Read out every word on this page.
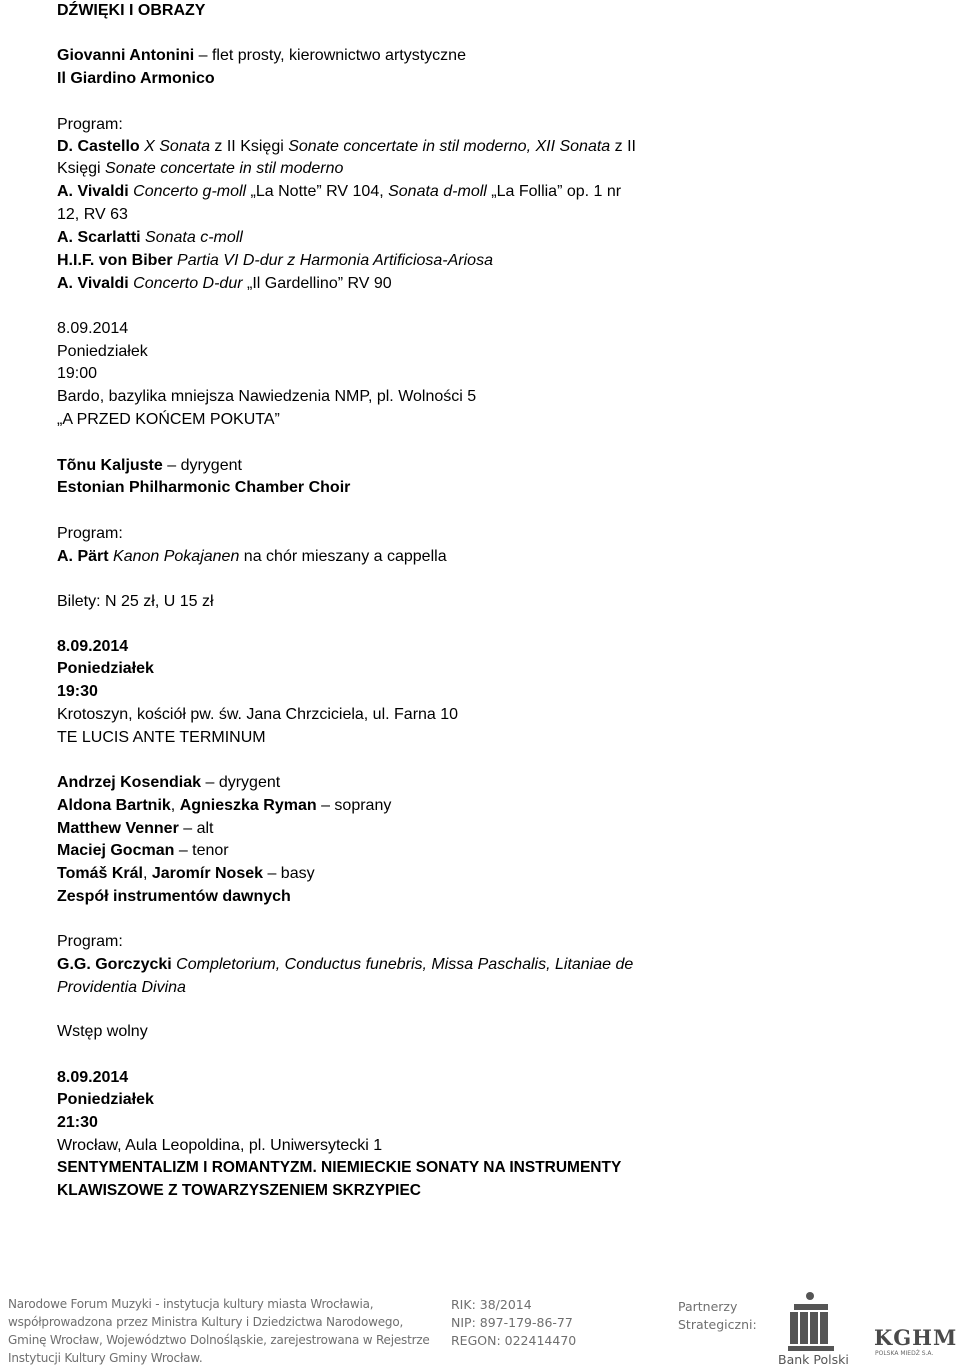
DŹWIĘKI I OBRAZY
Giovanni Antonini – flet prosty, kierownictwo artystyczne
Il Giardino Armonico
Program:
D. Castello X Sonata z II Księgi Sonate concertate in stil moderno, XII Sonata z II
Księgi Sonate concertate in stil moderno
A. Vivaldi Concerto g-moll „La Notte” RV 104, Sonata d-moll „La Follia” op. 1 nr
12, RV 63
A. Scarlatti Sonata c-moll
H.I.F. von Biber Partia VI D-dur z Harmonia Artificiosa-Ariosa
A. Vivaldi Concerto D-dur „Il Gardellino” RV 90
8.09.2014
Poniedziałek
19:00
Bardo, bazylika mniejsza Nawiedzenia NMP, pl. Wolności 5
„A PRZED KOŃCEM POKUTA”
Tõnu Kaljuste – dyrygent
Estonian Philharmonic Chamber Choir
Program:
A. Pärt Kanon Pokajanen na chór mieszany a cappella
Bilety: N 25 zł, U 15 zł
8.09.2014
Poniedziałek
19:30
Krotoszyn, kościół pw. św. Jana Chrzciciela, ul. Farna 10
TE LUCIS ANTE TERMINUM
Andrzej Kosendiak – dyrygent
Aldona Bartnik, Agnieszka Ryman – soprany
Matthew Venner – alt
Maciej Gocman – tenor
Tomáš Král, Jaromír Nosek – basy
Zespół instrumentów dawnych
Program:
G.G. Gorczycki Completorium, Conductus funebris, Missa Paschalis, Litaniae de
Providentia Divina
Wstęp wolny
8.09.2014
Poniedziałek
21:30
Wrocław, Aula Leopoldina, pl. Uniwersytecki 1
SENTYMENTALIZM I ROMANTYZM. NIEMIECKIE SONATY NA INSTRUMENTY
KLAWISZOWE Z TOWARZYSZENIEM SKRZYPIEC
Narodowe Forum Muzyki - instytucja kultury miasta Wrocławia,
współprowadzona przez Ministra Kultury i Dziedzictwa Narodowego,
Gminę Wrocław, Województwo Dolnośląskie, zarejestrowana w Rejestrze
Instytucji Kultury Gminy Wrocław.
RIK: 38/2014
NIP: 897-179-86-77
REGON: 022414470
Partnerzy
Strategiczni:
Bank Polski
KGHM
POLSKA MIEDŹ S.A.
